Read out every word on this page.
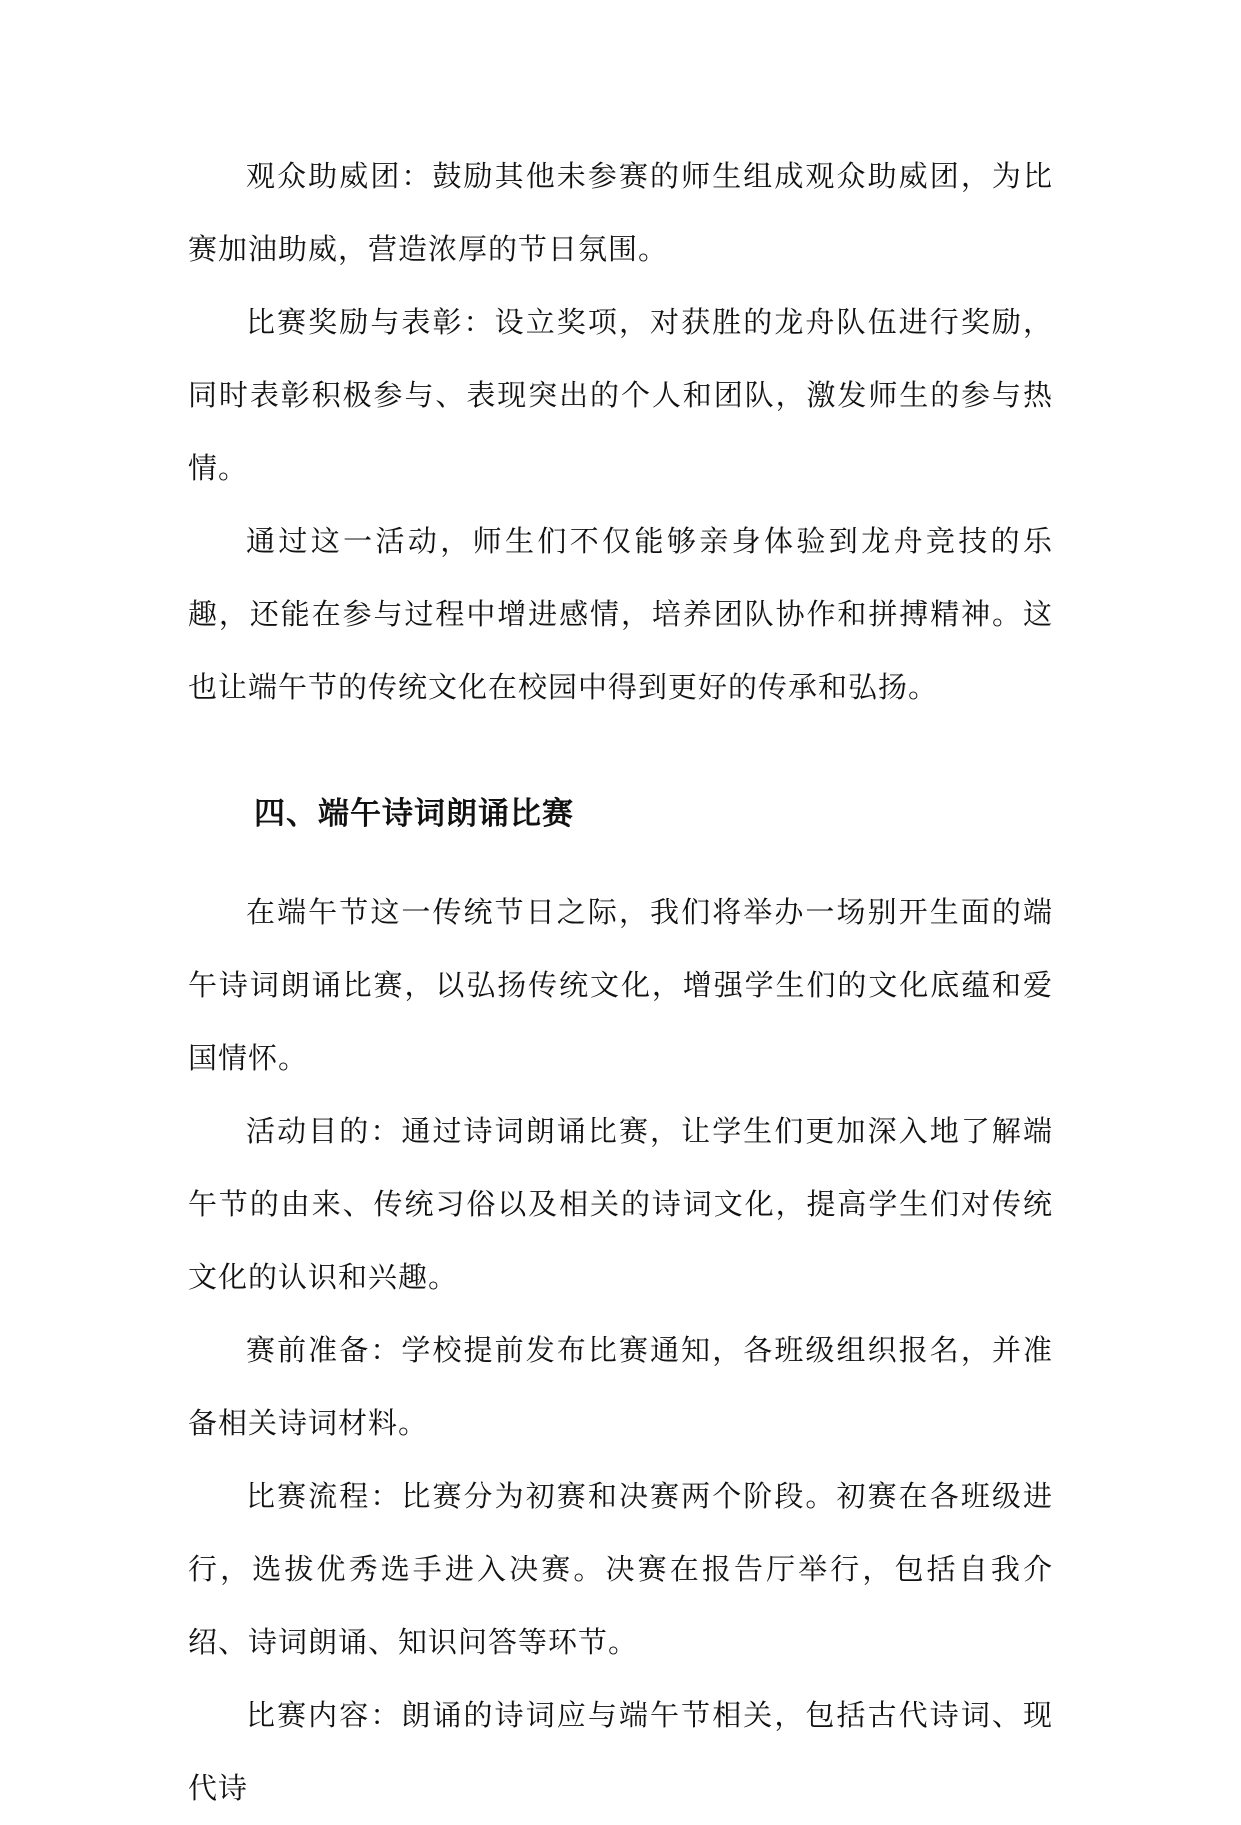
观众助威团：鼓励其他未参赛的师生组成观众助威团，为比赛加油助威，营造浓厚的节日氛围。

比赛奖励与表彰：设立奖项，对获胜的龙舟队伍进行奖励，同时表彰积极参与、表现突出的个人和团队，激发师生的参与热情。

通过这一活动，师生们不仅能够亲身体验到龙舟竞技的乐趣，还能在参与过程中增进感情，培养团队协作和拼搏精神。这也让端午节的传统文化在校园中得到更好的传承和弘扬。

四、端午诗词朗诵比赛

在端午节这一传统节日之际，我们将举办一场别开生面的端午诗词朗诵比赛，以弘扬传统文化，增强学生们的文化底蕴和爱国情怀。

活动目的：通过诗词朗诵比赛，让学生们更加深入地了解端午节的由来、传统习俗以及相关的诗词文化，提高学生们对传统文化的认识和兴趣。

赛前准备：学校提前发布比赛通知，各班级组织报名，并准备相关诗词材料。

比赛流程：比赛分为初赛和决赛两个阶段。初赛在各班级进行，选拔优秀选手进入决赛。决赛在报告厅举行，包括自我介绍、诗词朗诵、知识问答等环节。

比赛内容：朗诵的诗词应与端午节相关，包括古代诗词、现代诗
